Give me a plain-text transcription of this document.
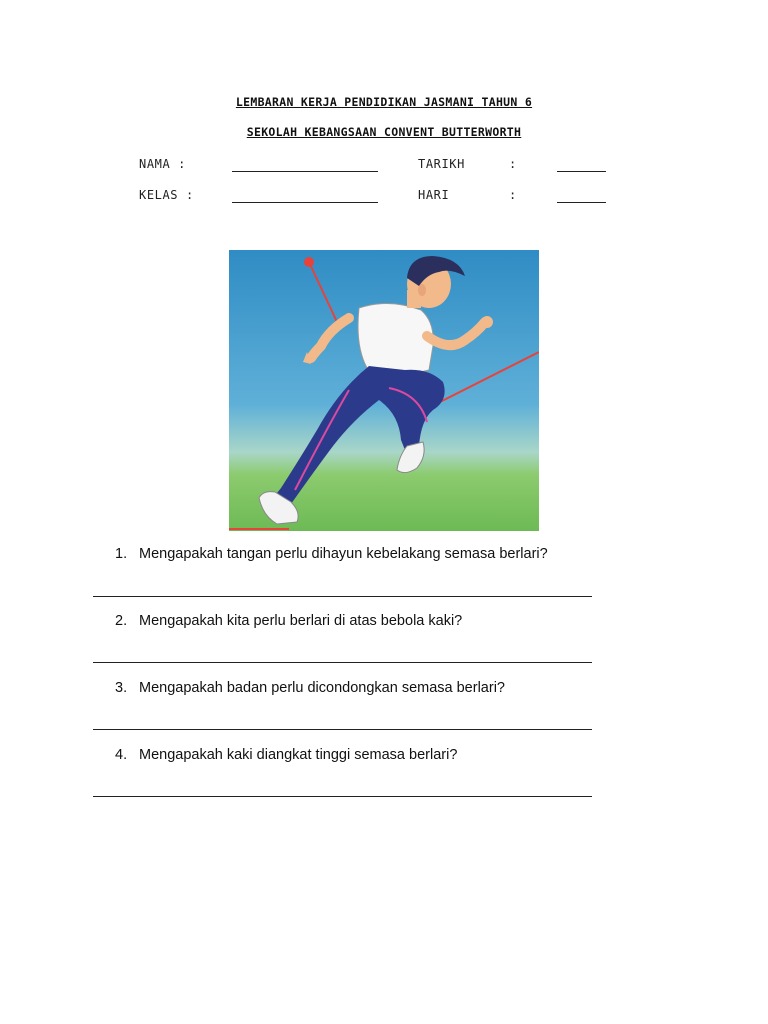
LEMBARAN KERJA PENDIDIKAN JASMANI TAHUN 6
SEKOLAH KEBANGSAAN CONVENT BUTTERWORTH
NAMA :	TARIKH	:
KELAS :	HARI	:
1. Mengapakah tangan perlu dihayun kebelakang semasa berlari?
2. Mengapakah kita perlu berlari di atas bebola kaki?
3. Mengapakah badan perlu dicondongkan semasa berlari?
4. Mengapakah kaki diangkat tinggi semasa berlari?
